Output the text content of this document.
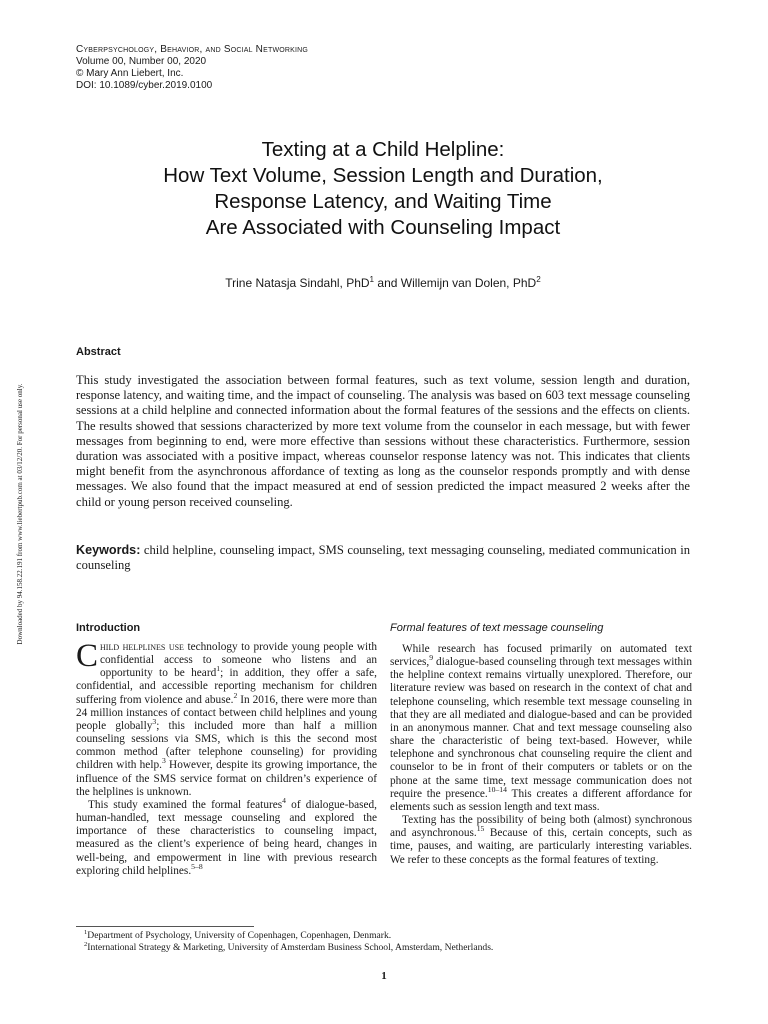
Cyberpsychology, Behavior, and Social Networking
Volume 00, Number 00, 2020
© Mary Ann Liebert, Inc.
DOI: 10.1089/cyber.2019.0100
Texting at a Child Helpline:
How Text Volume, Session Length and Duration,
Response Latency, and Waiting Time
Are Associated with Counseling Impact
Trine Natasja Sindahl, PhD$^1$ and Willemijn van Dolen, PhD$^2$
Downloaded by 94.158.22.191 from www.liebertpub.com at 03/12/20. For personal use only.
Abstract
This study investigated the association between formal features, such as text volume, session length and duration, response latency, and waiting time, and the impact of counseling. The analysis was based on 603 text message counseling sessions at a child helpline and connected information about the formal features of the sessions and the effects on clients. The results showed that sessions characterized by more text volume from the counselor in each message, but with fewer messages from beginning to end, were more effective than sessions without these characteristics. Furthermore, session duration was associated with a positive impact, whereas counselor response latency was not. This indicates that clients might benefit from the asynchronous affordance of texting as long as the counselor responds promptly and with dense messages. We also found that the impact measured at end of session predicted the impact measured 2 weeks after the child or young person received counseling.
Keywords: child helpline, counseling impact, SMS counseling, text messaging counseling, mediated communication in counseling
Introduction	Formal features of text message counseling

Child helplines use technology to provide young people with confidential access to someone who listens and an opportunity to be heard$^1$; in addition, they offer a safe, confidential, and accessible reporting mechanism for children suffering from violence and abuse.$^2$ In 2016, there were more than 24 million instances of contact between child helplines and young people globally$^3$; this included more than half a million counseling sessions via SMS, which is this the second most common method (after telephone counseling) for providing children with help.$^3$ However, despite its growing importance, the influence of the SMS service format on children’s experience of the helplines is unknown.

This study examined the formal features$^4$ of dialogue-based, human-handled, text message counseling and explored the importance of these characteristics to counseling impact, measured as the client’s experience of being heard, changes in well-being, and empowerment in line with previous research exploring child helplines.$^{5-8}$

While research has focused primarily on automated text services,$^9$ dialogue-based counseling through text messages within the helpline context remains virtually unexplored. Therefore, our literature review was based on research in the context of chat and telephone counseling, which resemble text message counseling in that they are all mediated and dialogue-based and can be provided in an anonymous manner. Chat and text message counseling also share the characteristic of being text-based. However, while telephone and synchronous chat counseling require the client and counselor to be in front of their computers or tablets or on the phone at the same time, text message communication does not require the presence.$^{10-14}$ This creates a different affordance for elements such as session length and text mass.

Texting has the possibility of being both (almost) synchronous and asynchronous.$^{15}$ Because of this, certain concepts, such as time, pauses, and waiting, are particularly interesting variables. We refer to these concepts as the formal features of texting.

$^1$Department of Psychology, University of Copenhagen, Copenhagen, Denmark.
$^2$International Strategy & Marketing, University of Amsterdam Business School, Amsterdam, Netherlands.
1
